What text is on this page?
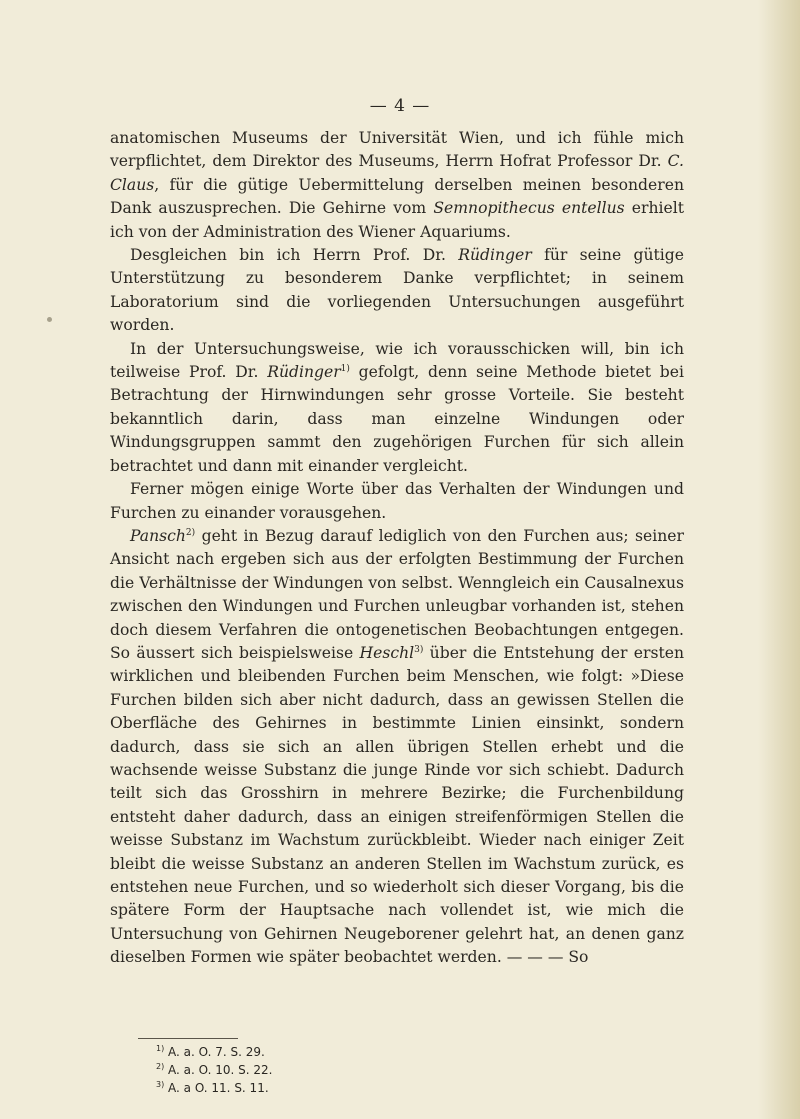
— 4 —

anatomischen Museums der Universität Wien, und ich fühle mich verpflichtet, dem Direktor des Museums, Herrn Hofrat Professor Dr. C. Claus, für die gütige Uebermittelung derselben meinen besonderen Dank auszusprechen. Die Gehirne vom Semnopithecus entellus erhielt ich von der Administration des Wiener Aquariums.

Desgleichen bin ich Herrn Prof. Dr. Rüdinger für seine gütige Unterstützung zu besonderem Danke verpflichtet; in seinem Laboratorium sind die vorliegenden Untersuchungen ausgeführt worden.

In der Untersuchungsweise, wie ich vorausschicken will, bin ich teilweise Prof. Dr. Rüdinger$^{1)}$ gefolgt, denn seine Methode bietet bei Betrachtung der Hirnwindungen sehr grosse Vorteile. Sie besteht bekanntlich darin, dass man einzelne Windungen oder Windungsgruppen sammt den zugehörigen Furchen für sich allein betrachtet und dann mit einander vergleicht.

Ferner mögen einige Worte über das Verhalten der Windungen und Furchen zu einander vorausgehen.

Pansch$^{2)}$ geht in Bezug darauf lediglich von den Furchen aus; seiner Ansicht nach ergeben sich aus der erfolgten Bestimmung der Furchen die Verhältnisse der Windungen von selbst. Wenngleich ein Causalnexus zwischen den Windungen und Furchen unleugbar vorhanden ist, stehen doch diesem Verfahren die ontogenetischen Beobachtungen entgegen. So äussert sich beispielsweise Heschl$^{3)}$ über die Entstehung der ersten wirklichen und bleibenden Furchen beim Menschen, wie folgt: »Diese Furchen bilden sich aber nicht dadurch, dass an gewissen Stellen die Oberfläche des Gehirnes in bestimmte Linien einsinkt, sondern dadurch, dass sie sich an allen übrigen Stellen erhebt und die wachsende weisse Substanz die junge Rinde vor sich schiebt. Dadurch teilt sich das Grosshirn in mehrere Bezirke; die Furchenbildung entsteht daher dadurch, dass an einigen streifenförmigen Stellen die weisse Substanz im Wachstum zurückbleibt. Wieder nach einiger Zeit bleibt die weisse Substanz an anderen Stellen im Wachstum zurück, es entstehen neue Furchen, und so wiederholt sich dieser Vorgang, bis die spätere Form der Hauptsache nach vollendet ist, wie mich die Untersuchung von Gehirnen Neugeborener gelehrt hat, an denen ganz dieselben Formen wie später beobachtet werden. — — — So

$^{1)}$ A. a. O. 7. S. 29.
$^{2)}$ A. a. O. 10. S. 22.
$^{3)}$ A. a O. 11. S. 11.
